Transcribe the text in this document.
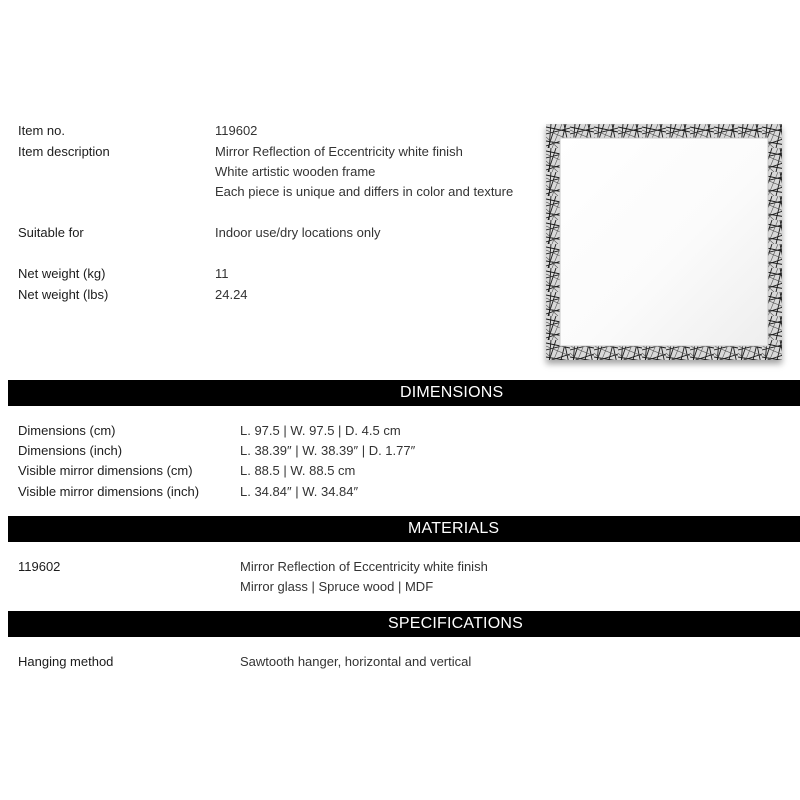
Item no.	119602
Item description	Mirror Reflection of Eccentricity white finish
White artistic wooden frame
Each piece is unique and differs in color and texture
Suitable for	Indoor use/dry locations only
Net weight (kg)	11
Net weight (lbs)	24.24
DIMENSIONS
Dimensions (cm)	L. 97.5 | W. 97.5 | D. 4.5 cm
Dimensions (inch)	L. 38.39″ | W. 38.39″ | D. 1.77″
Visible mirror dimensions (cm)	L. 88.5 | W. 88.5 cm
Visible mirror dimensions (inch)	L. 34.84″ | W. 34.84″
MATERIALS
119602	Mirror Reflection of Eccentricity white finish
Mirror glass | Spruce wood | MDF
SPECIFICATIONS
Hanging method	Sawtooth hanger, horizontal and vertical
